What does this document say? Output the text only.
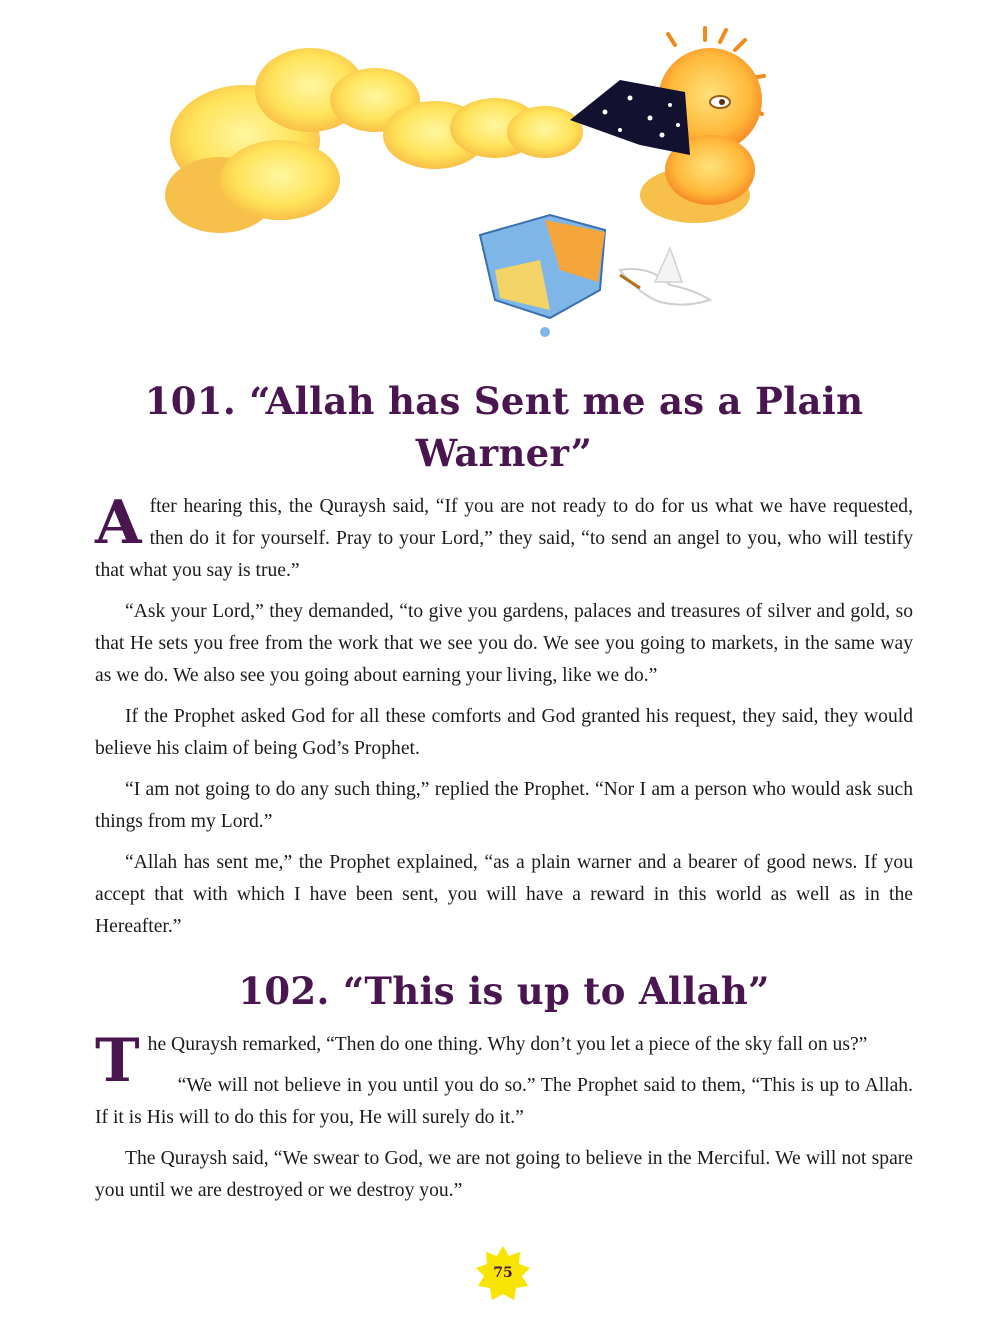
101. “Allah has Sent me as a Plain Warner”

After hearing this, the Quraysh said, “If you are not ready to do for us what we have requested, then do it for yourself. Pray to your Lord,” they said, “to send an angel to you, who will testify that what you say is true.”

“Ask your Lord,” they demanded, “to give you gardens, palaces and treasures of silver and gold, so that He sets you free from the work that we see you do. We see you going to markets, in the same way as we do. We also see you going about earning your living, like we do.”

If the Prophet asked God for all these comforts and God granted his request, they said, they would believe his claim of being God’s Prophet.

“I am not going to do any such thing,” replied the Prophet. “Nor I am a person who would ask such things from my Lord.”

“Allah has sent me,” the Prophet explained, “as a plain warner and a bearer of good news. If you accept that with which I have been sent, you will have a reward in this world as well as in the Hereafter.”

102. “This is up to Allah”

The Quraysh remarked, “Then do one thing. Why don’t you let a piece of the sky fall on us?”

“We will not believe in you until you do so.” The Prophet said to them, “This is up to Allah. If it is His will to do this for you, He will surely do it.”

The Quraysh said, “We swear to God, we are not going to believe in the Merciful. We will not spare you until we are destroyed or we destroy you.”

75
